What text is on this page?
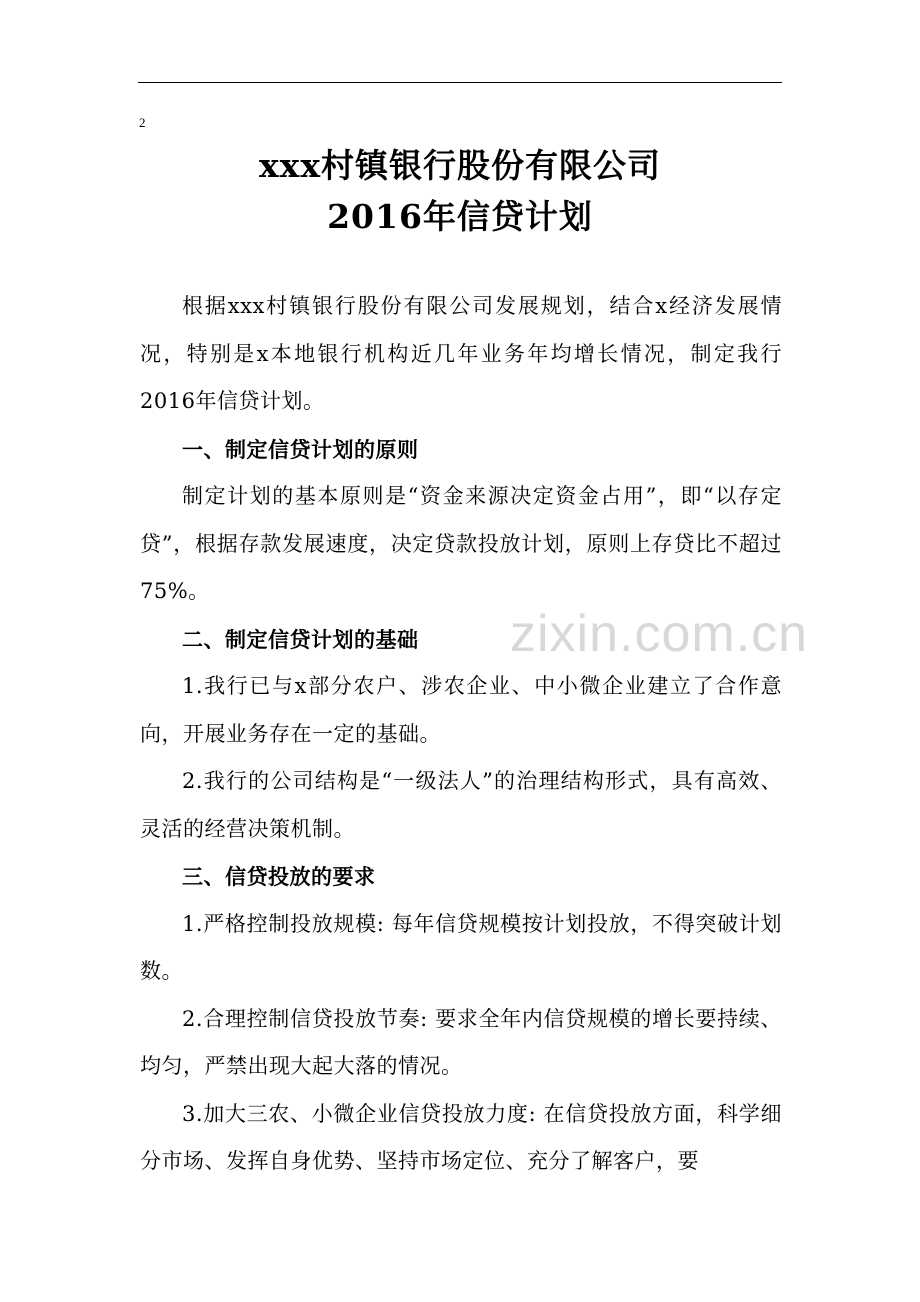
2
xxx村镇银行股份有限公司
2016年信贷计划

根据xxx村镇银行股份有限公司发展规划，结合x经济发展情况，特别是x本地银行机构近几年业务年均增长情况，制定我行2016年信贷计划。

一、制定信贷计划的原则

制定计划的基本原则是“资金来源决定资金占用”，即“以存定贷”，根据存款发展速度，决定贷款投放计划，原则上存贷比不超过75%。

二、制定信贷计划的基础

1.我行已与x部分农户、涉农企业、中小微企业建立了合作意向，开展业务存在一定的基础。

2.我行的公司结构是“一级法人”的治理结构形式，具有高效、灵活的经营决策机制。

三、信贷投放的要求

1.严格控制投放规模: 每年信贷规模按计划投放，不得突破计划数。

2.合理控制信贷投放节奏: 要求全年内信贷规模的增长要持续、均匀，严禁出现大起大落的情况。

3.加大三农、小微企业信贷投放力度: 在信贷投放方面，科学细分市场、发挥自身优势、坚持市场定位、充分了解客户，要

zixin.com.cn
